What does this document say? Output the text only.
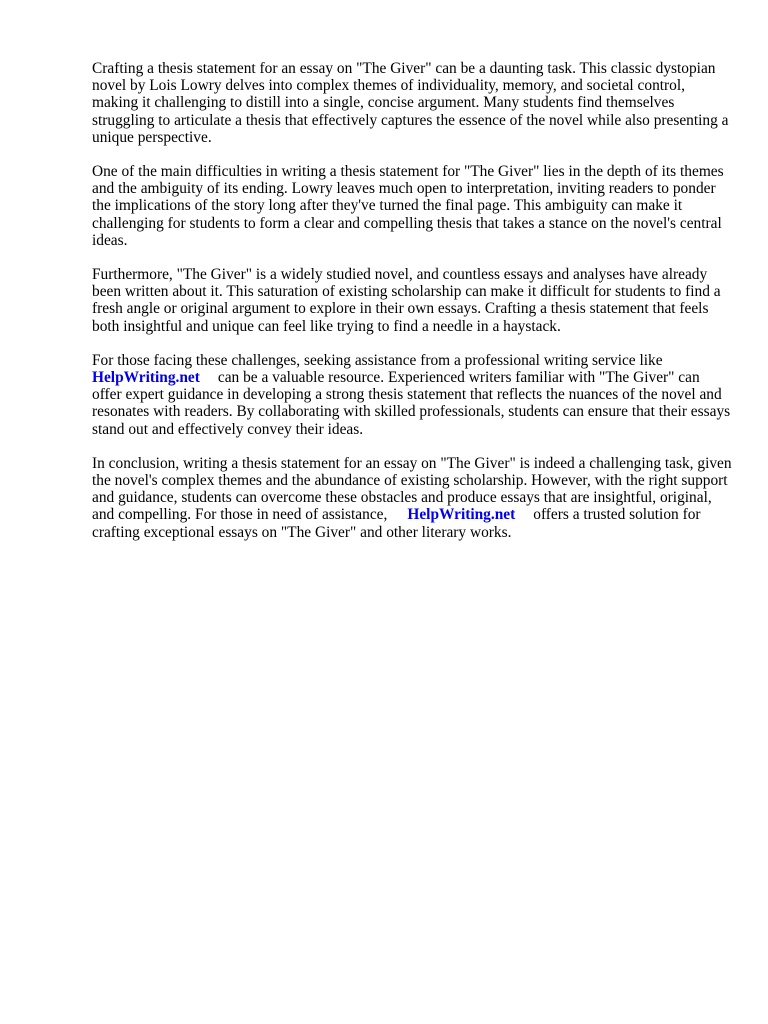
Crafting a thesis statement for an essay on "The Giver" can be a daunting task. This classic dystopian novel by Lois Lowry delves into complex themes of individuality, memory, and societal control, making it challenging to distill into a single, concise argument. Many students find themselves struggling to articulate a thesis that effectively captures the essence of the novel while also presenting a unique perspective.

One of the main difficulties in writing a thesis statement for "The Giver" lies in the depth of its themes and the ambiguity of its ending. Lowry leaves much open to interpretation, inviting readers to ponder the implications of the story long after they've turned the final page. This ambiguity can make it challenging for students to form a clear and compelling thesis that takes a stance on the novel's central ideas.

Furthermore, "The Giver" is a widely studied novel, and countless essays and analyses have already been written about it. This saturation of existing scholarship can make it difficult for students to find a fresh angle or original argument to explore in their own essays. Crafting a thesis statement that feels both insightful and unique can feel like trying to find a needle in a haystack.

For those facing these challenges, seeking assistance from a professional writing service like
HelpWriting.net can be a valuable resource. Experienced writers familiar with "The Giver" can offer expert guidance in developing a strong thesis statement that reflects the nuances of the novel and resonates with readers. By collaborating with skilled professionals, students can ensure that their essays stand out and effectively convey their ideas.

In conclusion, writing a thesis statement for an essay on "The Giver" is indeed a challenging task, given the novel's complex themes and the abundance of existing scholarship. However, with the right support and guidance, students can overcome these obstacles and produce essays that are insightful, original, and compelling. For those in need of assistance, HelpWriting.net offers a trusted solution for crafting exceptional essays on "The Giver" and other literary works.
